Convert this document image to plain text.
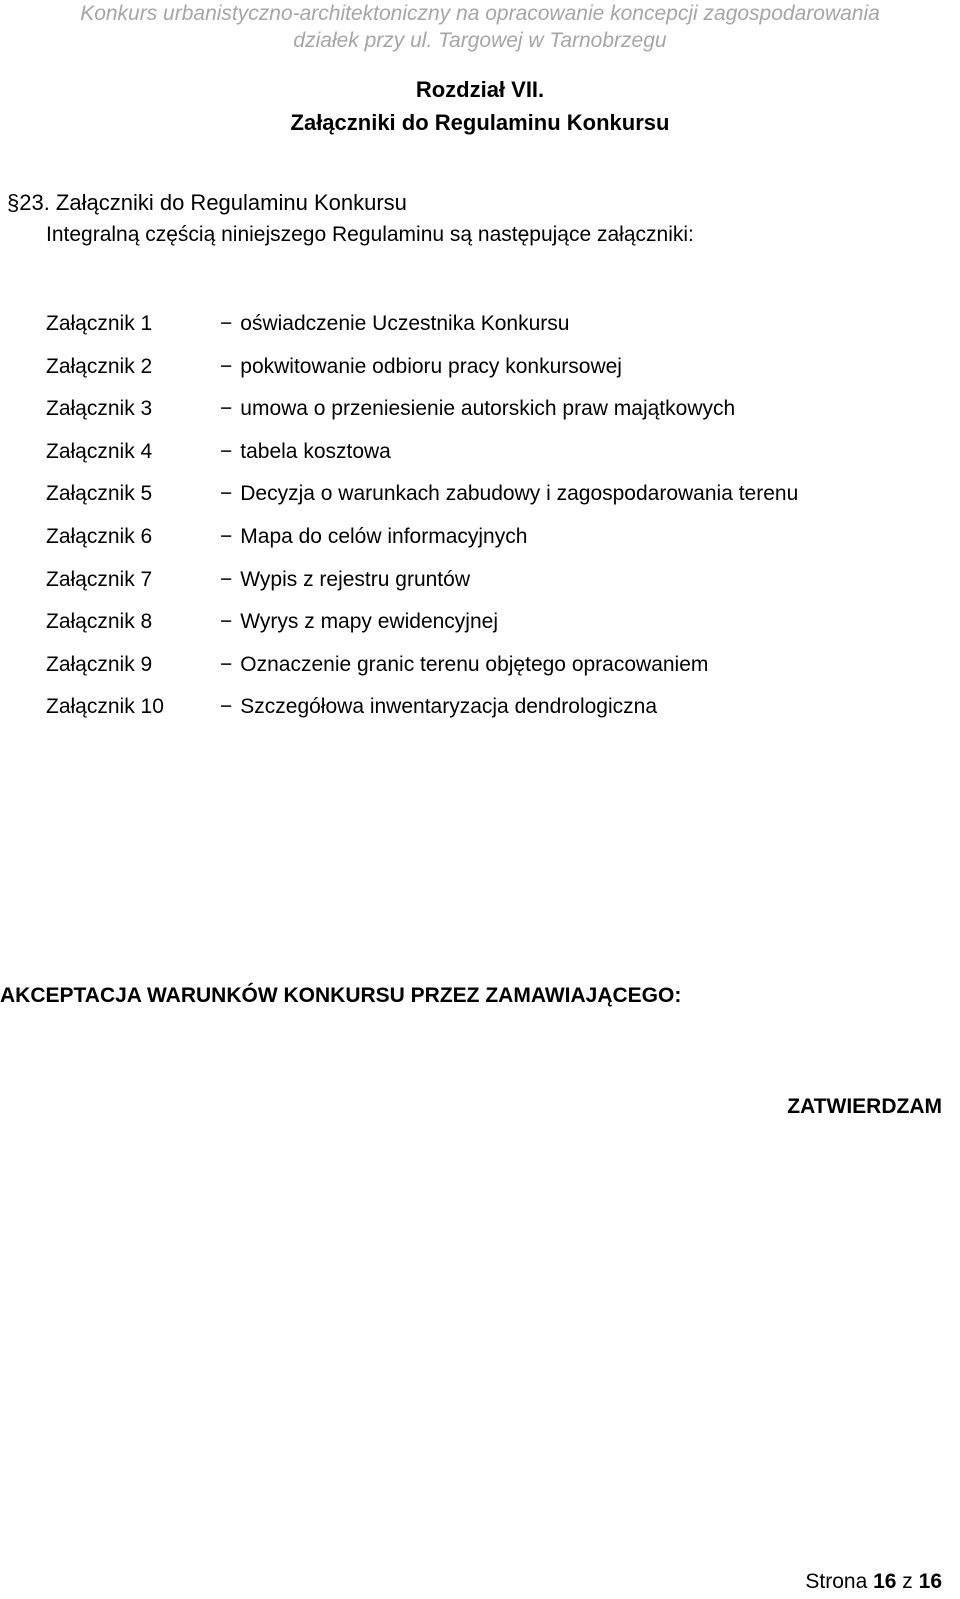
Konkurs urbanistyczno-architektoniczny na opracowanie koncepcji zagospodarowania
działek przy ul. Targowej w Tarnobrzegu
Rozdział VII.
Załączniki do Regulaminu Konkursu
§23. Załączniki do Regulaminu Konkursu
Integralną częścią niniejszego Regulaminu są następujące załączniki:
Załącznik 1	− oświadczenie Uczestnika Konkursu
Załącznik 2	− pokwitowanie odbioru pracy konkursowej
Załącznik 3	− umowa o przeniesienie autorskich praw majątkowych
Załącznik 4	− tabela kosztowa
Załącznik 5	− Decyzja o warunkach zabudowy i zagospodarowania terenu
Załącznik 6	− Mapa do celów informacyjnych
Załącznik 7	− Wypis z rejestru gruntów
Załącznik 8	− Wyrys z mapy ewidencyjnej
Załącznik 9	− Oznaczenie granic terenu objętego opracowaniem
Załącznik 10	− Szczegółowa inwentaryzacja dendrologiczna
AKCEPTACJA WARUNKÓW KONKURSU PRZEZ ZAMAWIAJĄCEGO:
ZATWIERDZAM
Strona 16 z 16
